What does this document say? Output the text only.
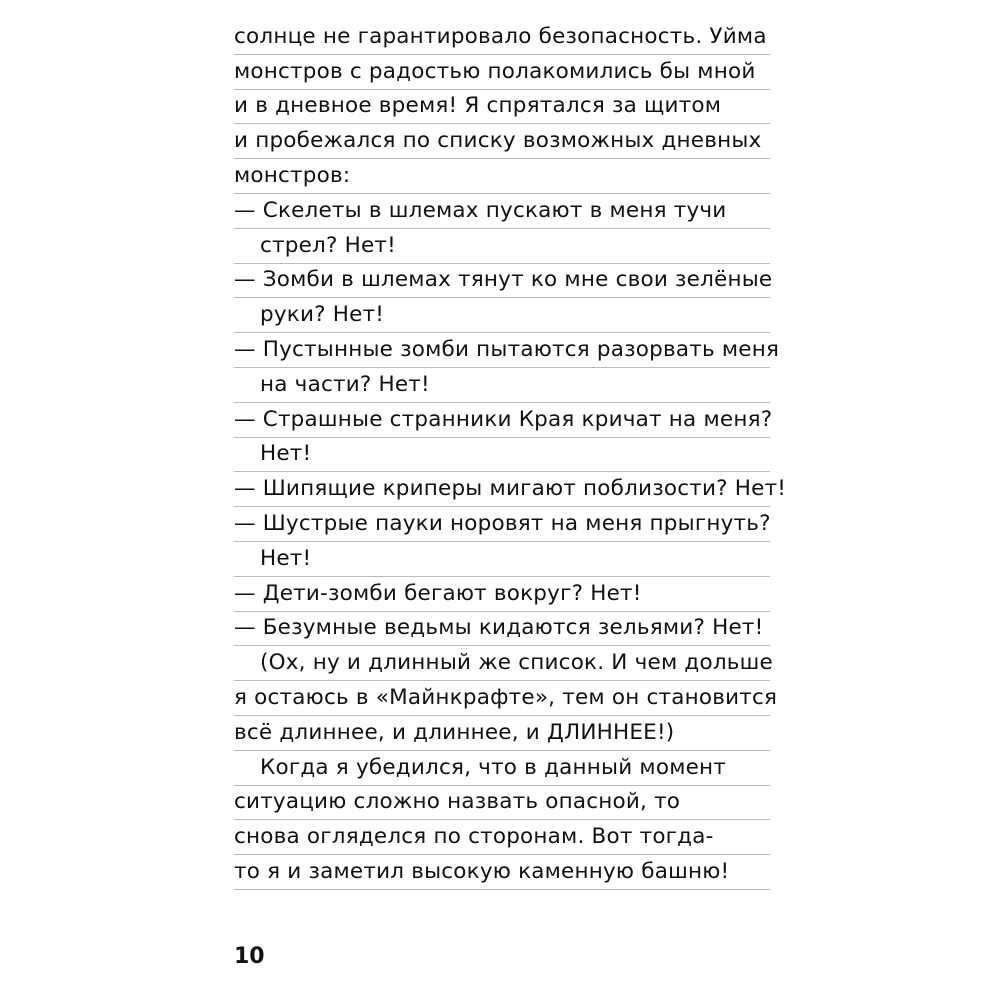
солнце не гарантировало безопасность. Уйма
монстров с радостью полакомились бы мной
и в дневное время! Я спрятался за щитом
и пробежался по списку возможных дневных
монстров:
— Скелеты в шлемах пускают в меня тучи
стрел? Нет!
— Зомби в шлемах тянут ко мне свои зелёные
руки? Нет!
— Пустынные зомби пытаются разорвать меня
на части? Нет!
— Страшные странники Края кричат на меня?
Нет!
— Шипящие криперы мигают поблизости? Нет!
— Шустрые пауки норовят на меня прыгнуть?
Нет!
— Дети-зомби бегают вокруг? Нет!
— Безумные ведьмы кидаются зельями? Нет!
(Ох, ну и длинный же список. И чем дольше
я остаюсь в «Майнкрафте», тем он становится
всё длиннее, и длиннее, и ДЛИННЕЕ!)
Когда я убедился, что в данный момент
ситуацию сложно назвать опасной, то
снова огляделся по сторонам. Вот тогда-
то я и заметил высокую каменную башню!
10
